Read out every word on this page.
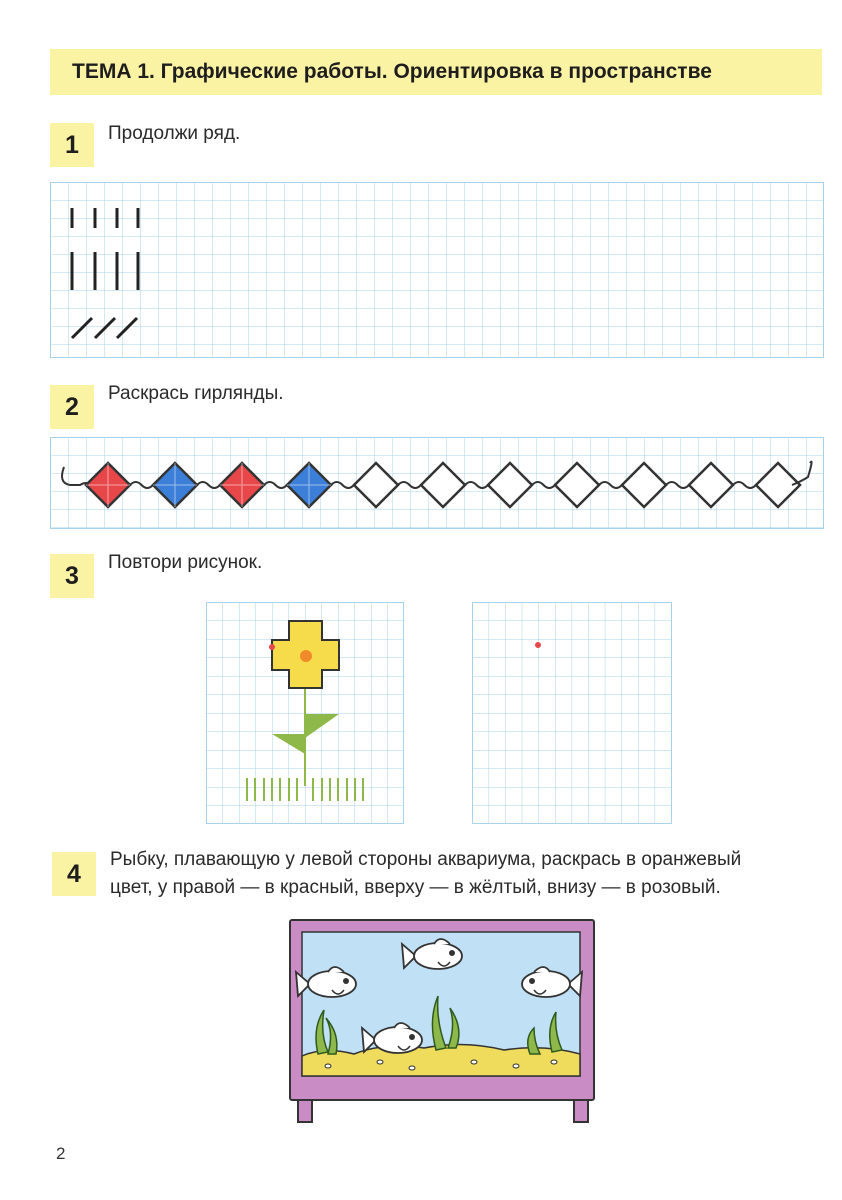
ТЕМА 1. Графические работы. Ориентировка в пространстве
1	Продолжи ряд.
2	Раскрась гирлянды.
3	Повтори рисунок.
4
Рыбку, плавающую у левой стороны аквариума, раскрась в оранжевый
цвет, у правой — в красный, вверху — в жёлтый, внизу — в розовый.
2
